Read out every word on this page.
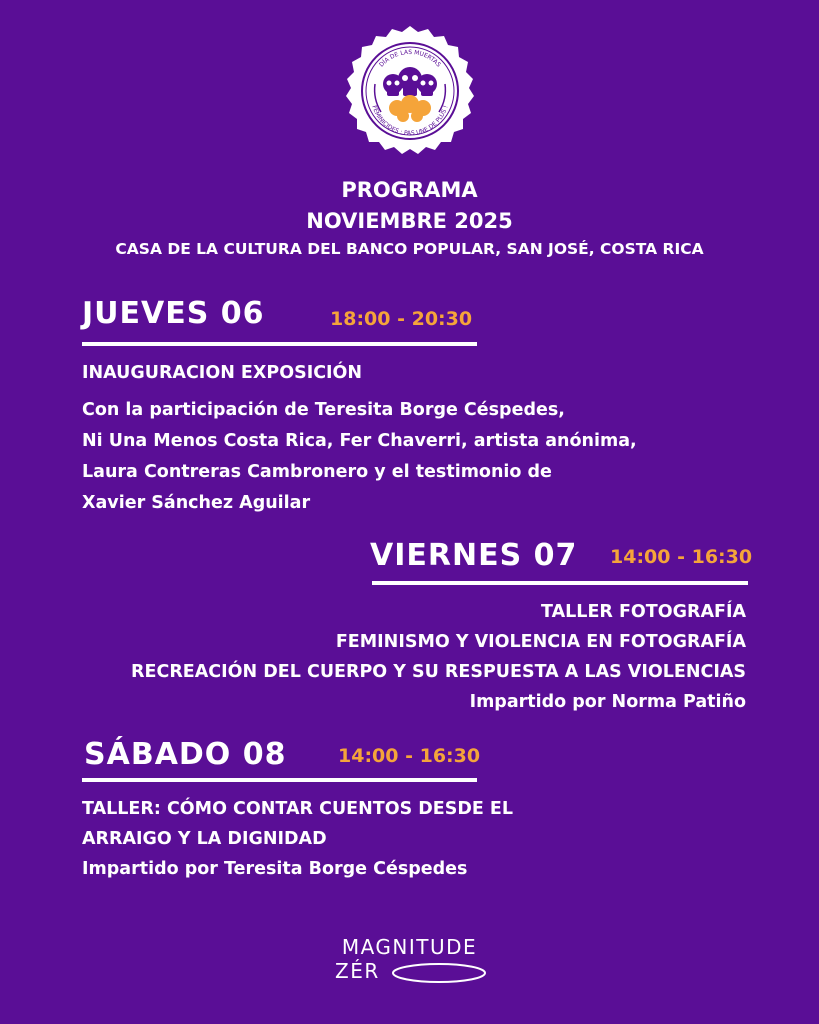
DÍA DE LAS MUERTAS
FEMINICIDES : PAS UNE DE PLUS !
PROGRAMA
NOVIEMBRE 2025
CASA DE LA CULTURA DEL BANCO POPULAR, SAN JOSÉ, COSTA RICA
JUEVES 06	18:00 - 20:30
INAUGURACION EXPOSICIÓN
Con la participación de Teresita Borge Céspedes,
Ni Una Menos Costa Rica, Fer Chaverri, artista anónima,
Laura Contreras Cambronero y el testimonio de
Xavier Sánchez Aguilar
VIERNES 07 14:00 - 16:30
TALLER FOTOGRAFÍA
FEMINISMO Y VIOLENCIA EN FOTOGRAFÍA
RECREACIÓN DEL CUERPO Y SU RESPUESTA A LAS VIOLENCIAS
Impartido por Norma Patiño
SÁBADO 08	14:00 - 16:30
TALLER: CÓMO CONTAR CUENTOS DESDE EL
ARRAIGO Y LA DIGNIDAD
Impartido por Teresita Borge Céspedes
MAGNITUDE
ZÉR
